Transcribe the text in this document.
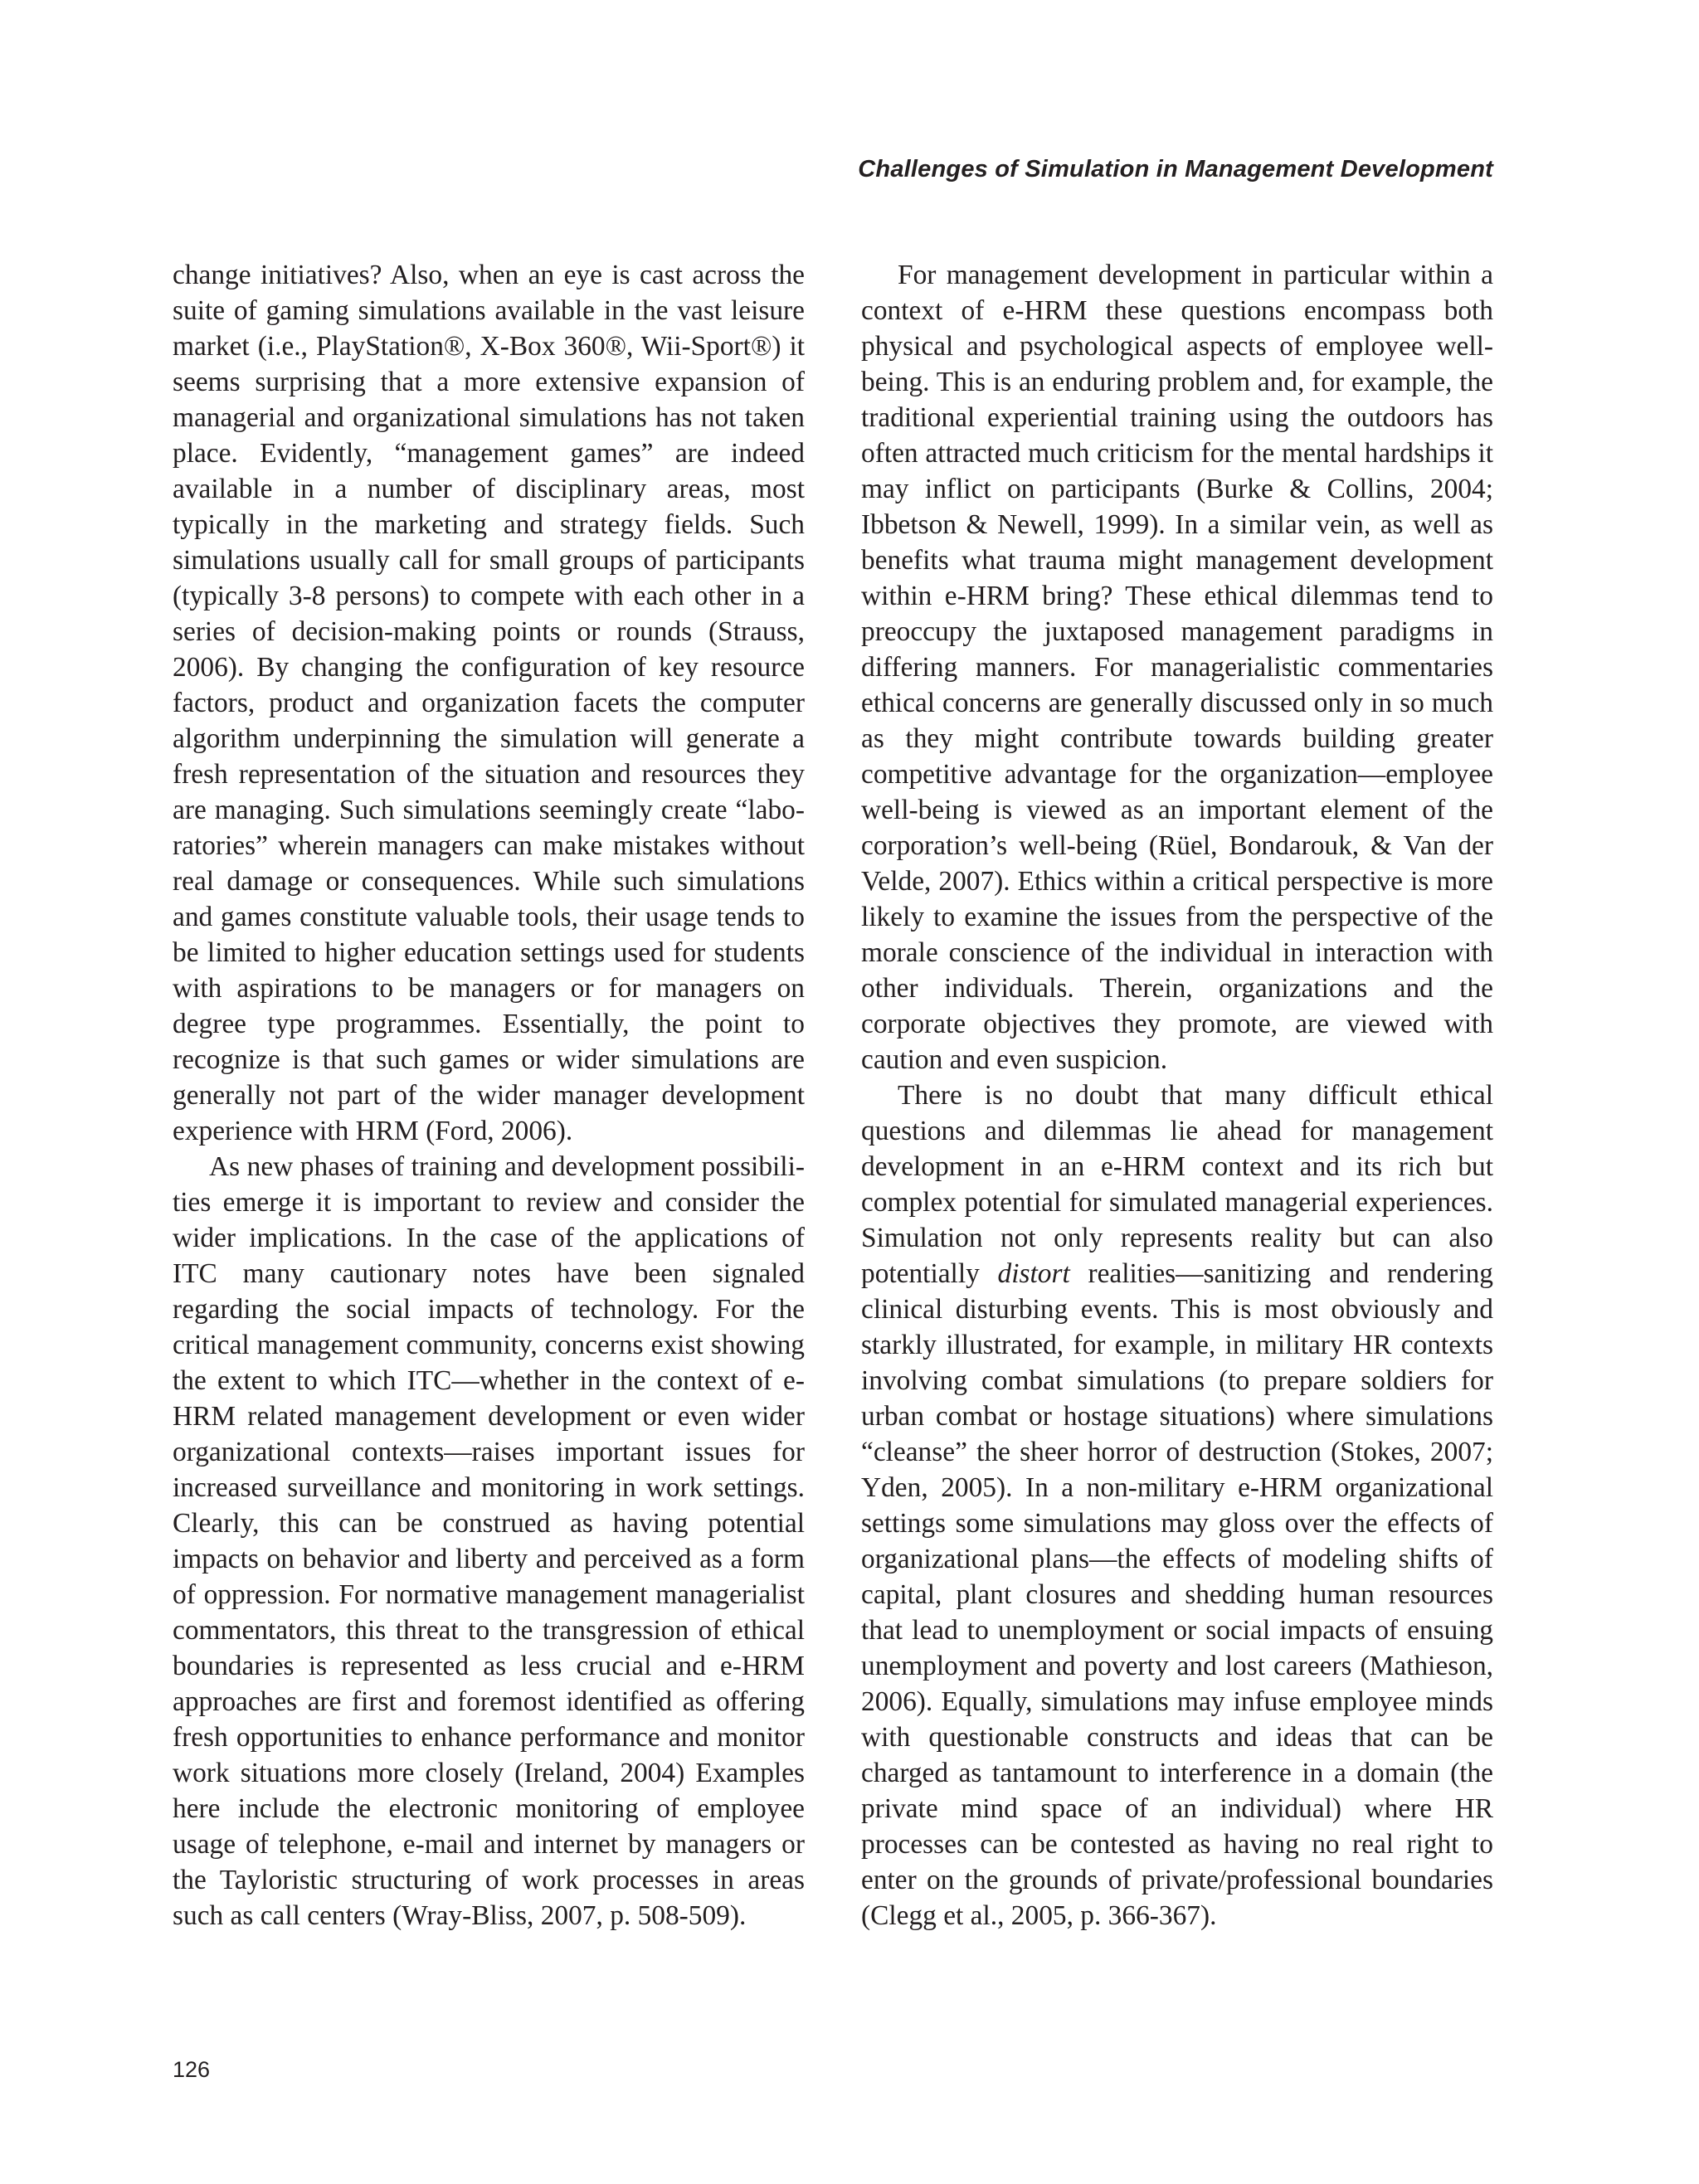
Challenges of Simulation in Management Development

change initiatives? Also, when an eye is cast across the suite of gaming simulations available in the vast leisure market (i.e., PlayStation®, X-Box 360®, Wii-Sport®) it seems surprising that a more extensive expansion of managerial and organizational simulations has not taken place. Evidently, “management games” are indeed available in a number of disciplinary areas, most typically in the marketing and strategy fields. Such simulations usually call for small groups of participants (typically 3-8 persons) to compete with each other in a series of decision-making points or rounds (Strauss, 2006). By changing the configuration of key resource factors, product and organization facets the computer algorithm underpinning the simulation will generate a fresh representation of the situation and resources they are managing. Such simulations seemingly create “laboratories” wherein managers can make mistakes without real damage or consequences. While such simulations and games constitute valuable tools, their usage tends to be limited to higher education settings used for students with aspirations to be managers or for managers on degree type programmes. Essentially, the point to recognize is that such games or wider simulations are generally not part of the wider manager development experience with HRM (Ford, 2006).

As new phases of training and development possibilities emerge it is important to review and consider the wider implications. In the case of the applications of ITC many cautionary notes have been signaled regarding the social impacts of technology. For the critical management community, concerns exist showing the extent to which ITC—whether in the context of e-HRM related management development or even wider organizational contexts—raises important issues for increased surveillance and monitoring in work settings. Clearly, this can be construed as having potential impacts on behavior and liberty and perceived as a form of oppression. For normative management managerialist commentators, this threat to the transgression of ethical boundaries is represented as less crucial and e-HRM approaches are first and foremost identified as offering fresh opportunities to enhance performance and monitor work situations more closely (Ireland, 2004) Examples here include the electronic monitoring of employee usage of telephone, e-mail and internet by managers or the Tayloristic structuring of work processes in areas such as call centers (Wray-Bliss, 2007, p. 508-509).

For management development in particular within a context of e-HRM these questions encompass both physical and psychological aspects of employee well-being. This is an enduring problem and, for example, the traditional experiential training using the outdoors has often attracted much criticism for the mental hardships it may inflict on participants (Burke & Collins, 2004; Ibbetson & Newell, 1999). In a similar vein, as well as benefits what trauma might management development within e-HRM bring? These ethical dilemmas tend to preoccupy the juxtaposed management paradigms in differing manners. For managerialistic commentaries ethical concerns are generally discussed only in so much as they might contribute towards building greater competitive advantage for the organization—employee well-being is viewed as an important element of the corporation’s well-being (Rüel, Bondarouk, & Van der Velde, 2007). Ethics within a critical perspective is more likely to examine the issues from the perspective of the morale conscience of the individual in interaction with other individuals. Therein, organizations and the corporate objectives they promote, are viewed with caution and even suspicion.

There is no doubt that many difficult ethical questions and dilemmas lie ahead for management development in an e-HRM context and its rich but complex potential for simulated managerial experiences. Simulation not only represents reality but can also potentially distort realities—sanitizing and rendering clinical disturbing events. This is most obviously and starkly illustrated, for example, in military HR contexts involving combat simulations (to prepare soldiers for urban combat or hostage situations) where simulations “cleanse” the sheer horror of destruction (Stokes, 2007; Yden, 2005). In a non-military e-HRM organizational settings some simulations may gloss over the effects of organizational plans—the effects of modeling shifts of capital, plant closures and shedding human resources that lead to unemployment or social impacts of ensuing unemployment and poverty and lost careers (Mathieson, 2006). Equally, simulations may infuse employee minds with questionable constructs and ideas that can be charged as tantamount to interference in a domain (the private mind space of an individual) where HR processes can be contested as having no real right to enter on the grounds of private/professional boundaries (Clegg et al., 2005, p. 366-367).

126
